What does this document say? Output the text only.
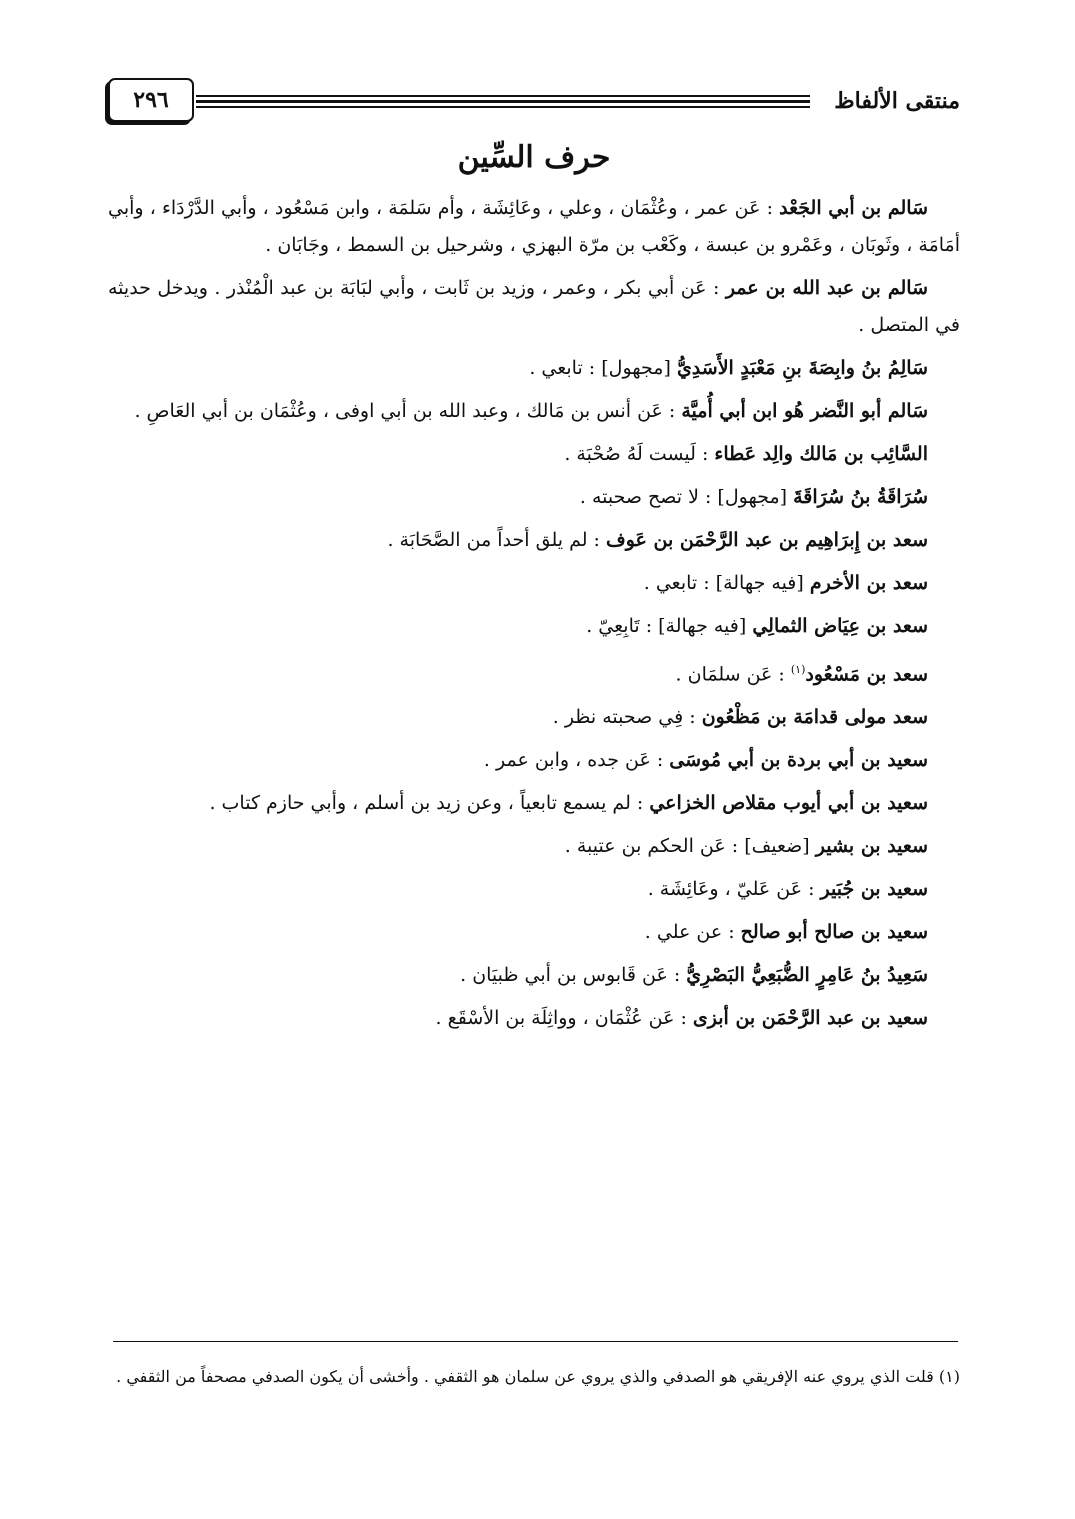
منتقى الألفاظ
٢٩٦
حرف السِّين

سَالم بن أبي الجَعْد : عَن عمر ، وعُثْمَان ، وعلي ، وعَائِشَة ، وأم سَلمَة ، وابن مَسْعُود ، وأبي الدَّرْدَاء ، وأبي أمَامَة ، وثَوبَان ، وعَمْرو بن عبسة ، وكَعْب بن مرّة البهزي ، وشرحيل بن السمط ، وجَابَان .

سَالم بن عبد الله بن عمر : عَن أبي بكر ، وعمر ، وزيد بن ثَابت ، وأبي لبَابَة بن عبد الْمُنْذر . ويدخل حديثه في المتصل .

سَالِمُ بنُ وابِصَةَ بنِ مَعْبَدٍ الأَسَدِيُّ [مجهول] : تابعي .

سَالم أبو النَّضر هُو ابن أبي أُميَّة : عَن أنس بن مَالك ، وعبد الله بن أبي اوفى ، وعُثْمَان بن أبي العَاصِ .

السَّائِب بن مَالك والِد عَطاء : لَيست لَهُ صُحْبَة .

سُرَاقَةُ بنُ سُرَاقَةَ [مجهول] : لا تصح صحبته .

سعد بن إِبرَاهِيم بن عبد الرَّحْمَن بن عَوف : لم يلق أحداً من الصَّحَابَة .

سعد بن الأخرم [فيه جهالة] : تابعي .

سعد بن عِيَاض الثمالِي [فيه جهالة] : تَابِعِيّ .

سعد بن مَسْعُود$^{(١)}$ : عَن سلمَان .

سعد مولى قدامَة بن مَظْعُون : فِي صحبته نظر .

سعيد بن أبي بردة بن أبي مُوسَى : عَن جده ، وابن عمر .

سعيد بن أبي أيوب مقلاص الخزاعي : لم يسمع تابعياً ، وعن زيد بن أسلم ، وأبي حازم كتاب .

سعيد بن بشير [ضعيف] : عَن الحكم بن عتيبة .

سعيد بن جُبَير : عَن عَليّ ، وعَائِشَة .

سعيد بن صالح أبو صالح : عن علي .

سَعِيدُ بنُ عَامِرٍ الضُّبَعِيُّ البَصْرِيُّ : عَن قَابوس بن أبي ظبيَان .

سعيد بن عبد الرَّحْمَن بن أبزى : عَن عُثْمَان ، وواثِلَة بن الأسْقَع .

(١) قلت الذي يروي عنه الإفريقي هو الصدفي والذي يروي عن سلمان هو الثقفي . وأخشى أن يكون الصدفي مصحفاً من الثقفي .
